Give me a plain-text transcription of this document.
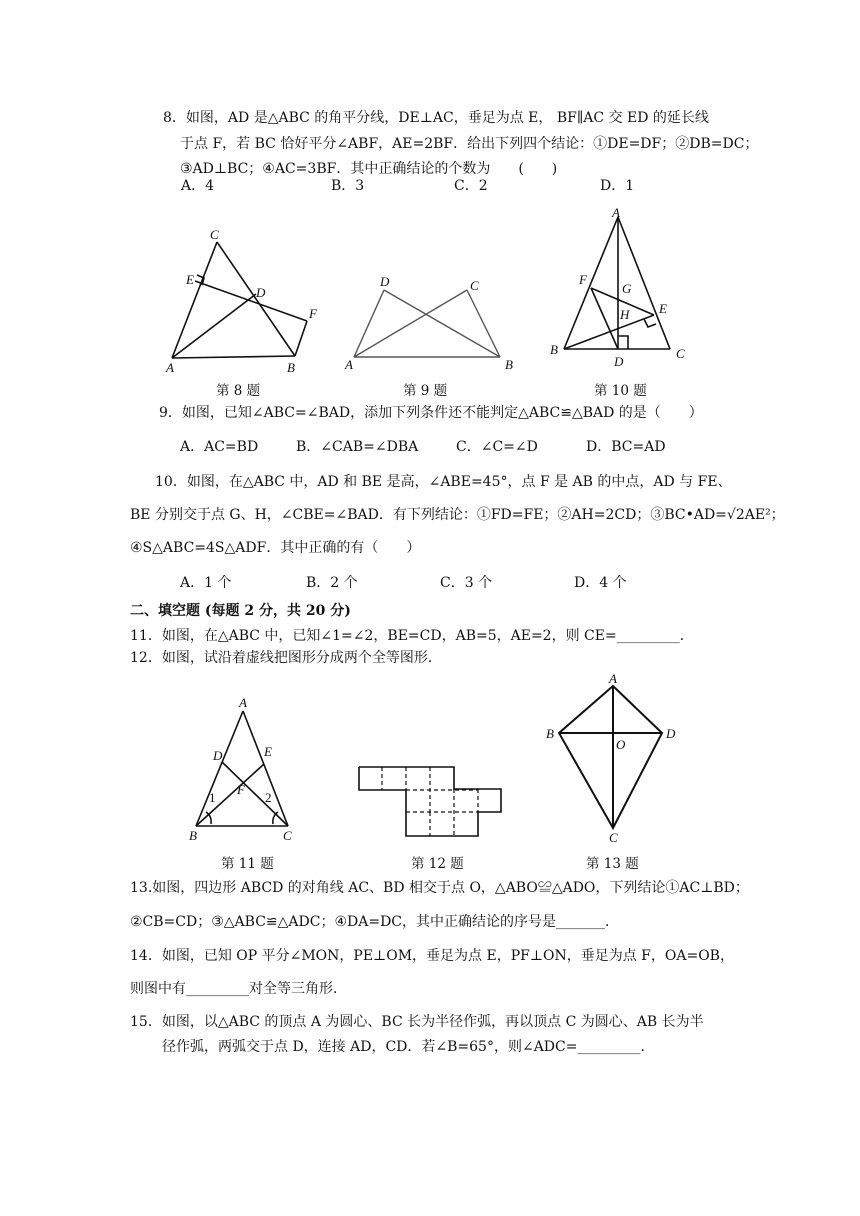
8．如图，AD 是△ABC 的角平分线，DE⊥AC，垂足为点 E， BF∥AC 交 ED 的延长线
于点 F，若 BC 恰好平分∠ABF，AE=2BF．给出下列四个结论：①DE=DF；②DB=DC；
③AD⊥BC；④AC=3BF．其中正确结论的个数为　　(　　)
A．4	B．3	C．2	D．1
C
E
D
F
A	B
D	C
A	B
A
F
G
E
H
B
D
C
第 8 题	第 9 题	第 10 题
9．如图，已知∠ABC=∠BAD，添加下列条件还不能判定△ABC≌△BAD 的是（　　）
A．AC=BD	B．∠CAB=∠DBA	C．∠C=∠D	D．BC=AD
10．如图，在△ABC 中，AD 和 BE 是高，∠ABE=45°，点 F 是 AB 的中点，AD 与 FE、
BE 分别交于点 G、H，∠CBE=∠BAD．有下列结论：①FD=FE；②AH=2CD；③BC•AD=√2AE²；
④S△ABC=4S△ADF．其中正确的有（　　）
A．1 个	B．2 个	C．3 个	D．4 个
二、填空题 (每题 2 分，共 20 分)
11．如图，在△ABC 中，已知∠1=∠2，BE=CD，AB=5，AE=2，则 CE=_________．
12．如图，试沿着虚线把图形分成两个全等图形．
A
D	E
F
1	2
B	C
A
B	D
O
C
第 11 题	第 12 题	第 13 题
13.如图，四边形 ABCD 的对角线 AC、BD 相交于点 O，△ABO≌△ADO，下列结论①AC⊥BD；
②CB=CD；③△ABC≌△ADC；④DA=DC，其中正确结论的序号是_______．
14．如图，已知 OP 平分∠MON，PE⊥OM，垂足为点 E，PF⊥ON，垂足为点 F，OA=OB，
则图中有_________对全等三角形．
15．如图，以△ABC 的顶点 A 为圆心、BC 长为半径作弧，再以顶点 C 为圆心、AB 长为半
径作弧，两弧交于点 D，连接 AD，CD．若∠B=65°，则∠ADC=_________．
